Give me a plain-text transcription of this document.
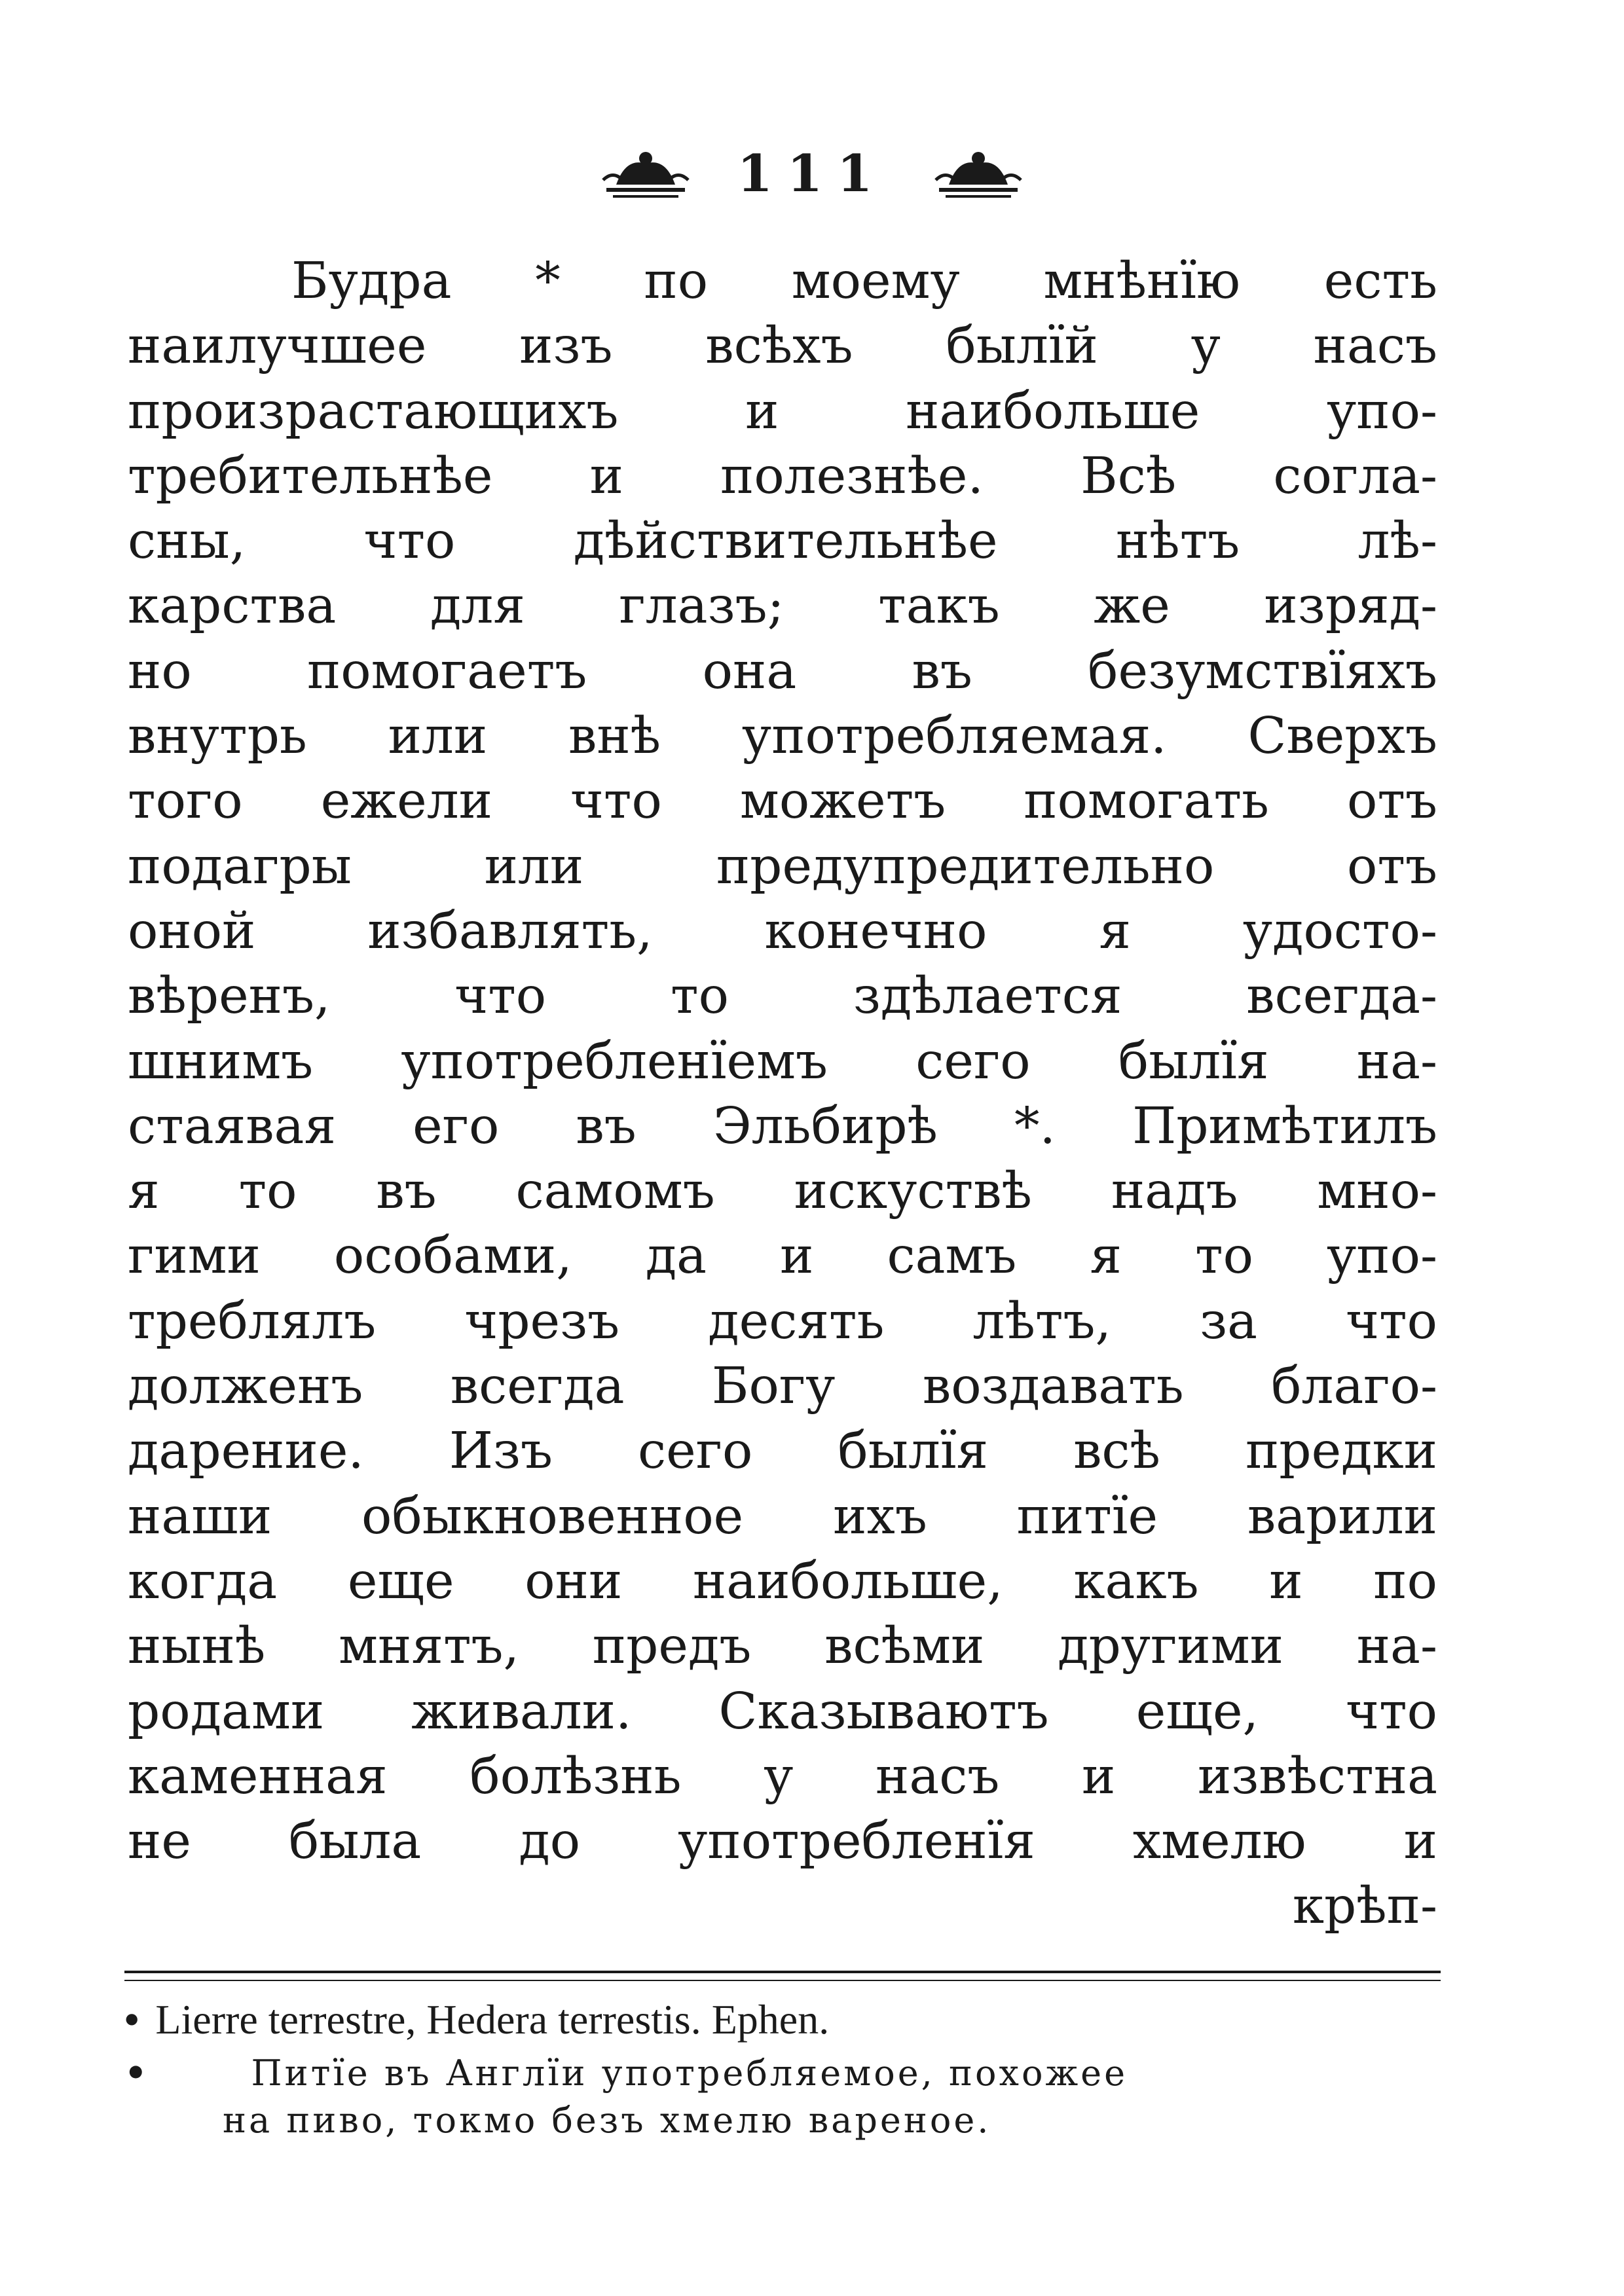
111
Будра * по моему мнѣнїю есть
наилучшее изъ всѣхъ былїй у насъ
произрастающихъ и наибольше упо-
требительнѣе и полезнѣе. Всѣ согла-
сны, что дѣйствительнѣе нѣтъ лѣ-
карства для глазъ; такъ же изряд-
но помогаетъ она въ безумствїяхъ
внутрь или внѣ употребляемая. Сверхъ
того ежели что можетъ помогать отъ
подагры или предупредительно отъ
оной избавлять, конечно я удосто-
вѣренъ, что то здѣлается всегда-
шнимъ употребленїемъ сего былїя на-
стаявая его въ Эльбирѣ *. Примѣтилъ
я то въ самомъ искуствѣ надъ мно-
гими особами, да и самъ я то упо-
треблялъ чрезъ десять лѣтъ, за что
долженъ всегда Богу воздавать благо-
дарение. Изъ сего былїя всѣ предки
наши обыкновенное ихъ питїе варили
когда еще они наибольше, какъ и по
нынѣ мнятъ, предъ всѣми другими на-
родами живали. Сказываютъ еще, что
каменная болѣзнь у насъ и извѣстна
не была до употребленїя хмелю и
крѣп-
• Lierre terrestre, Hedera terrestis. Ephen.
•	Питїе въ Англїи употребляемое, похожее
на пиво, токмо безъ хмелю вареное.
